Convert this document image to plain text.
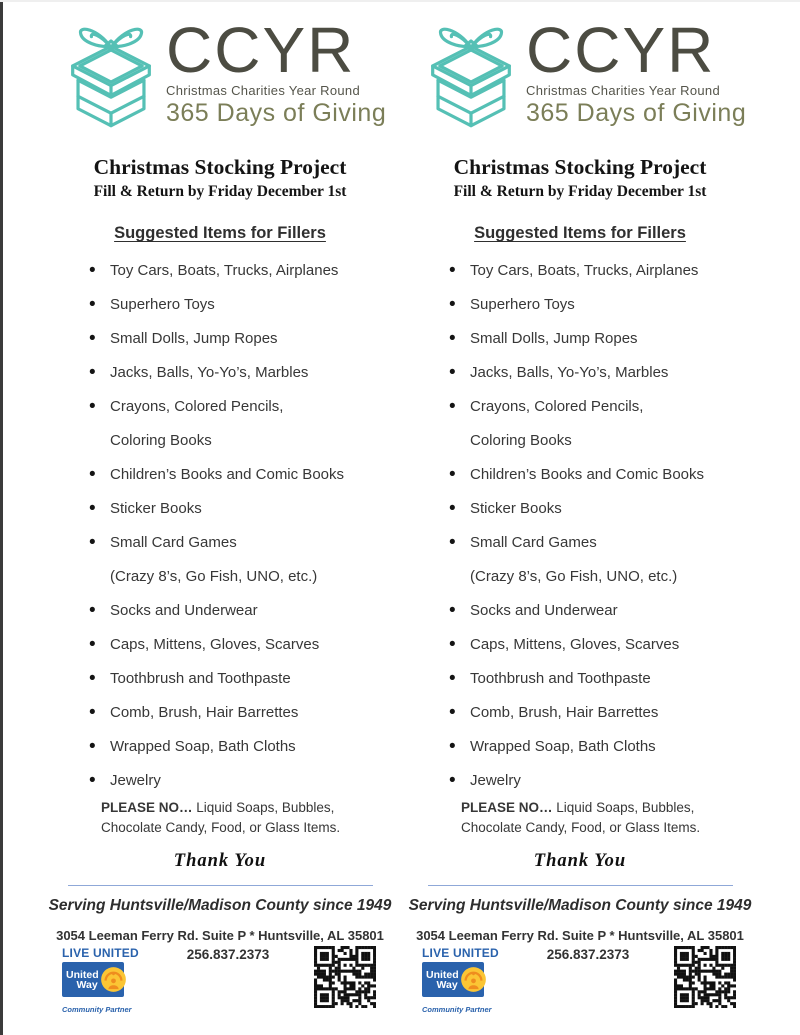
CCYR
Christmas Charities Year Round
365 Days of Giving
Christmas Stocking Project
Fill & Return by Friday December 1st
Suggested Items for Fillers
• Toy Cars, Boats, Trucks, Airplanes
• Superhero Toys
• Small Dolls, Jump Ropes
• Jacks, Balls, Yo-Yo’s, Marbles
• Crayons, Colored Pencils,
Coloring Books
• Children’s Books and Comic Books
• Sticker Books
• Small Card Games
(Crazy 8’s, Go Fish, UNO, etc.)
• Socks and Underwear
• Caps, Mittens, Gloves, Scarves
• Toothbrush and Toothpaste
• Comb, Brush, Hair Barrettes
• Wrapped Soap, Bath Cloths
• Jewelry
PLEASE NO… Liquid Soaps, Bubbles,
Chocolate Candy, Food, or Glass Items.
Thank You
Serving Huntsville/Madison County since 1949
3054 Leeman Ferry Rd. Suite P * Huntsville, AL 35801
LIVE UNITED
United
Way
Community Partner
256.837.2373
CCYR
Christmas Charities Year Round
365 Days of Giving
Christmas Stocking Project
Fill & Return by Friday December 1st
Suggested Items for Fillers
• Toy Cars, Boats, Trucks, Airplanes
• Superhero Toys
• Small Dolls, Jump Ropes
• Jacks, Balls, Yo-Yo’s, Marbles
• Crayons, Colored Pencils,
Coloring Books
• Children’s Books and Comic Books
• Sticker Books
• Small Card Games
(Crazy 8’s, Go Fish, UNO, etc.)
• Socks and Underwear
• Caps, Mittens, Gloves, Scarves
• Toothbrush and Toothpaste
• Comb, Brush, Hair Barrettes
• Wrapped Soap, Bath Cloths
• Jewelry
PLEASE NO… Liquid Soaps, Bubbles,
Chocolate Candy, Food, or Glass Items.
Thank You
Serving Huntsville/Madison County since 1949
3054 Leeman Ferry Rd. Suite P * Huntsville, AL 35801
LIVE UNITED
United
Way
Community Partner
256.837.2373
